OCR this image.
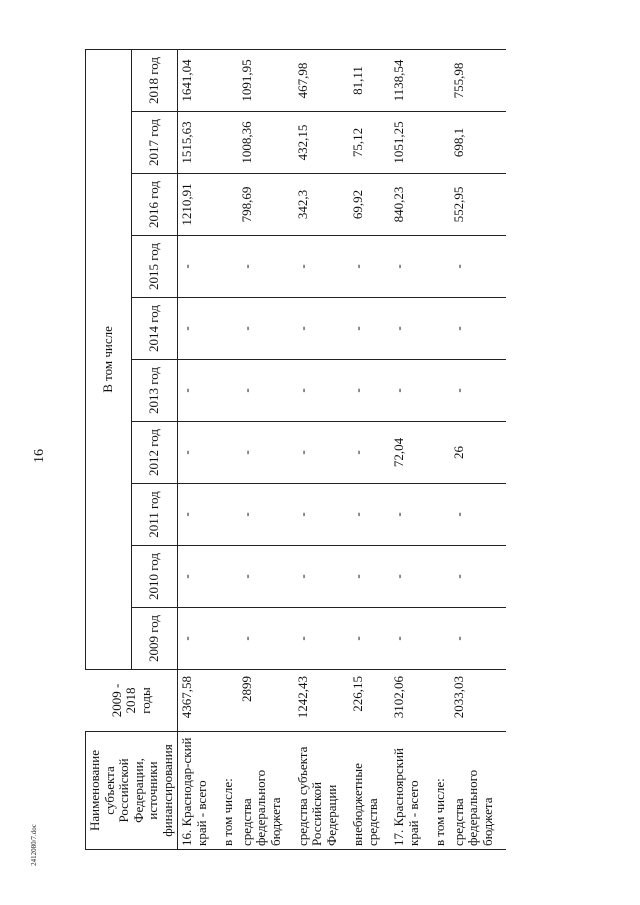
16
Наименование субъекта Российской Федерации, источники финансирования	2009 - 2018 годы	В том числе									
		2009 год	2010 год	2011 год	2012 год	2013 год	2014 год	2015 год	2016 год	2017 год	2018 год
16. Краснодар-ский край - всего	4367,58	-	-	-	-	-	-	-	1210,91	1515,63	1641,04
в том числе:											
средства федерального бюджета	2899	-	-	-	-	-	-	-	798,69	1008,36	1091,95
средства субъекта Российской Федерации	1242,43	-	-	-	-	-	-	-	342,3	432,15	467,98
внебюджетные средства	226,15	-	-	-	-	-	-	-	69,92	75,12	81,11
17. Красноярский край - всего	3102,06	-	-	-	72,04	-	-	-	840,23	1051,25	1138,54
в том числе:											
средства федерального бюджета	2033,03	-	-	-	26	-	-	-	552,95	698,1	755,98
2412080/7.doc
